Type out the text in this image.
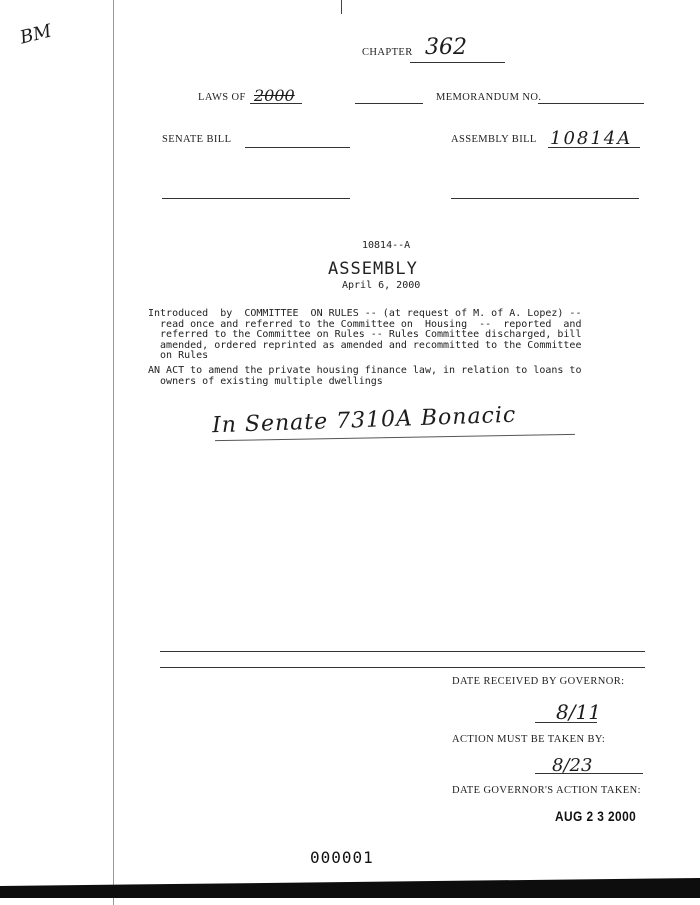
BM
CHAPTER 362
LAWS OF 2000	MEMORANDUM NO.
SENATE BILL	ASSEMBLY BILL 10814A
10814--A
ASSEMBLY
April 6, 2000
Introduced  by  COMMITTEE  ON RULES -- (at request of M. of A. Lopez) --
read once and referred to the Committee on  Housing  --  reported  and
referred to the Committee on Rules -- Rules Committee discharged, bill
amended, ordered reprinted as amended and recommitted to the Committee
on Rules
AN ACT to amend the private housing finance law, in relation to loans to
owners of existing multiple dwellings
In Senate 7310A Bonacic
DATE RECEIVED BY GOVERNOR:
8/11
ACTION MUST BE TAKEN BY:
8/23
DATE GOVERNOR'S ACTION TAKEN:
AUG 2 3 2000
000001
